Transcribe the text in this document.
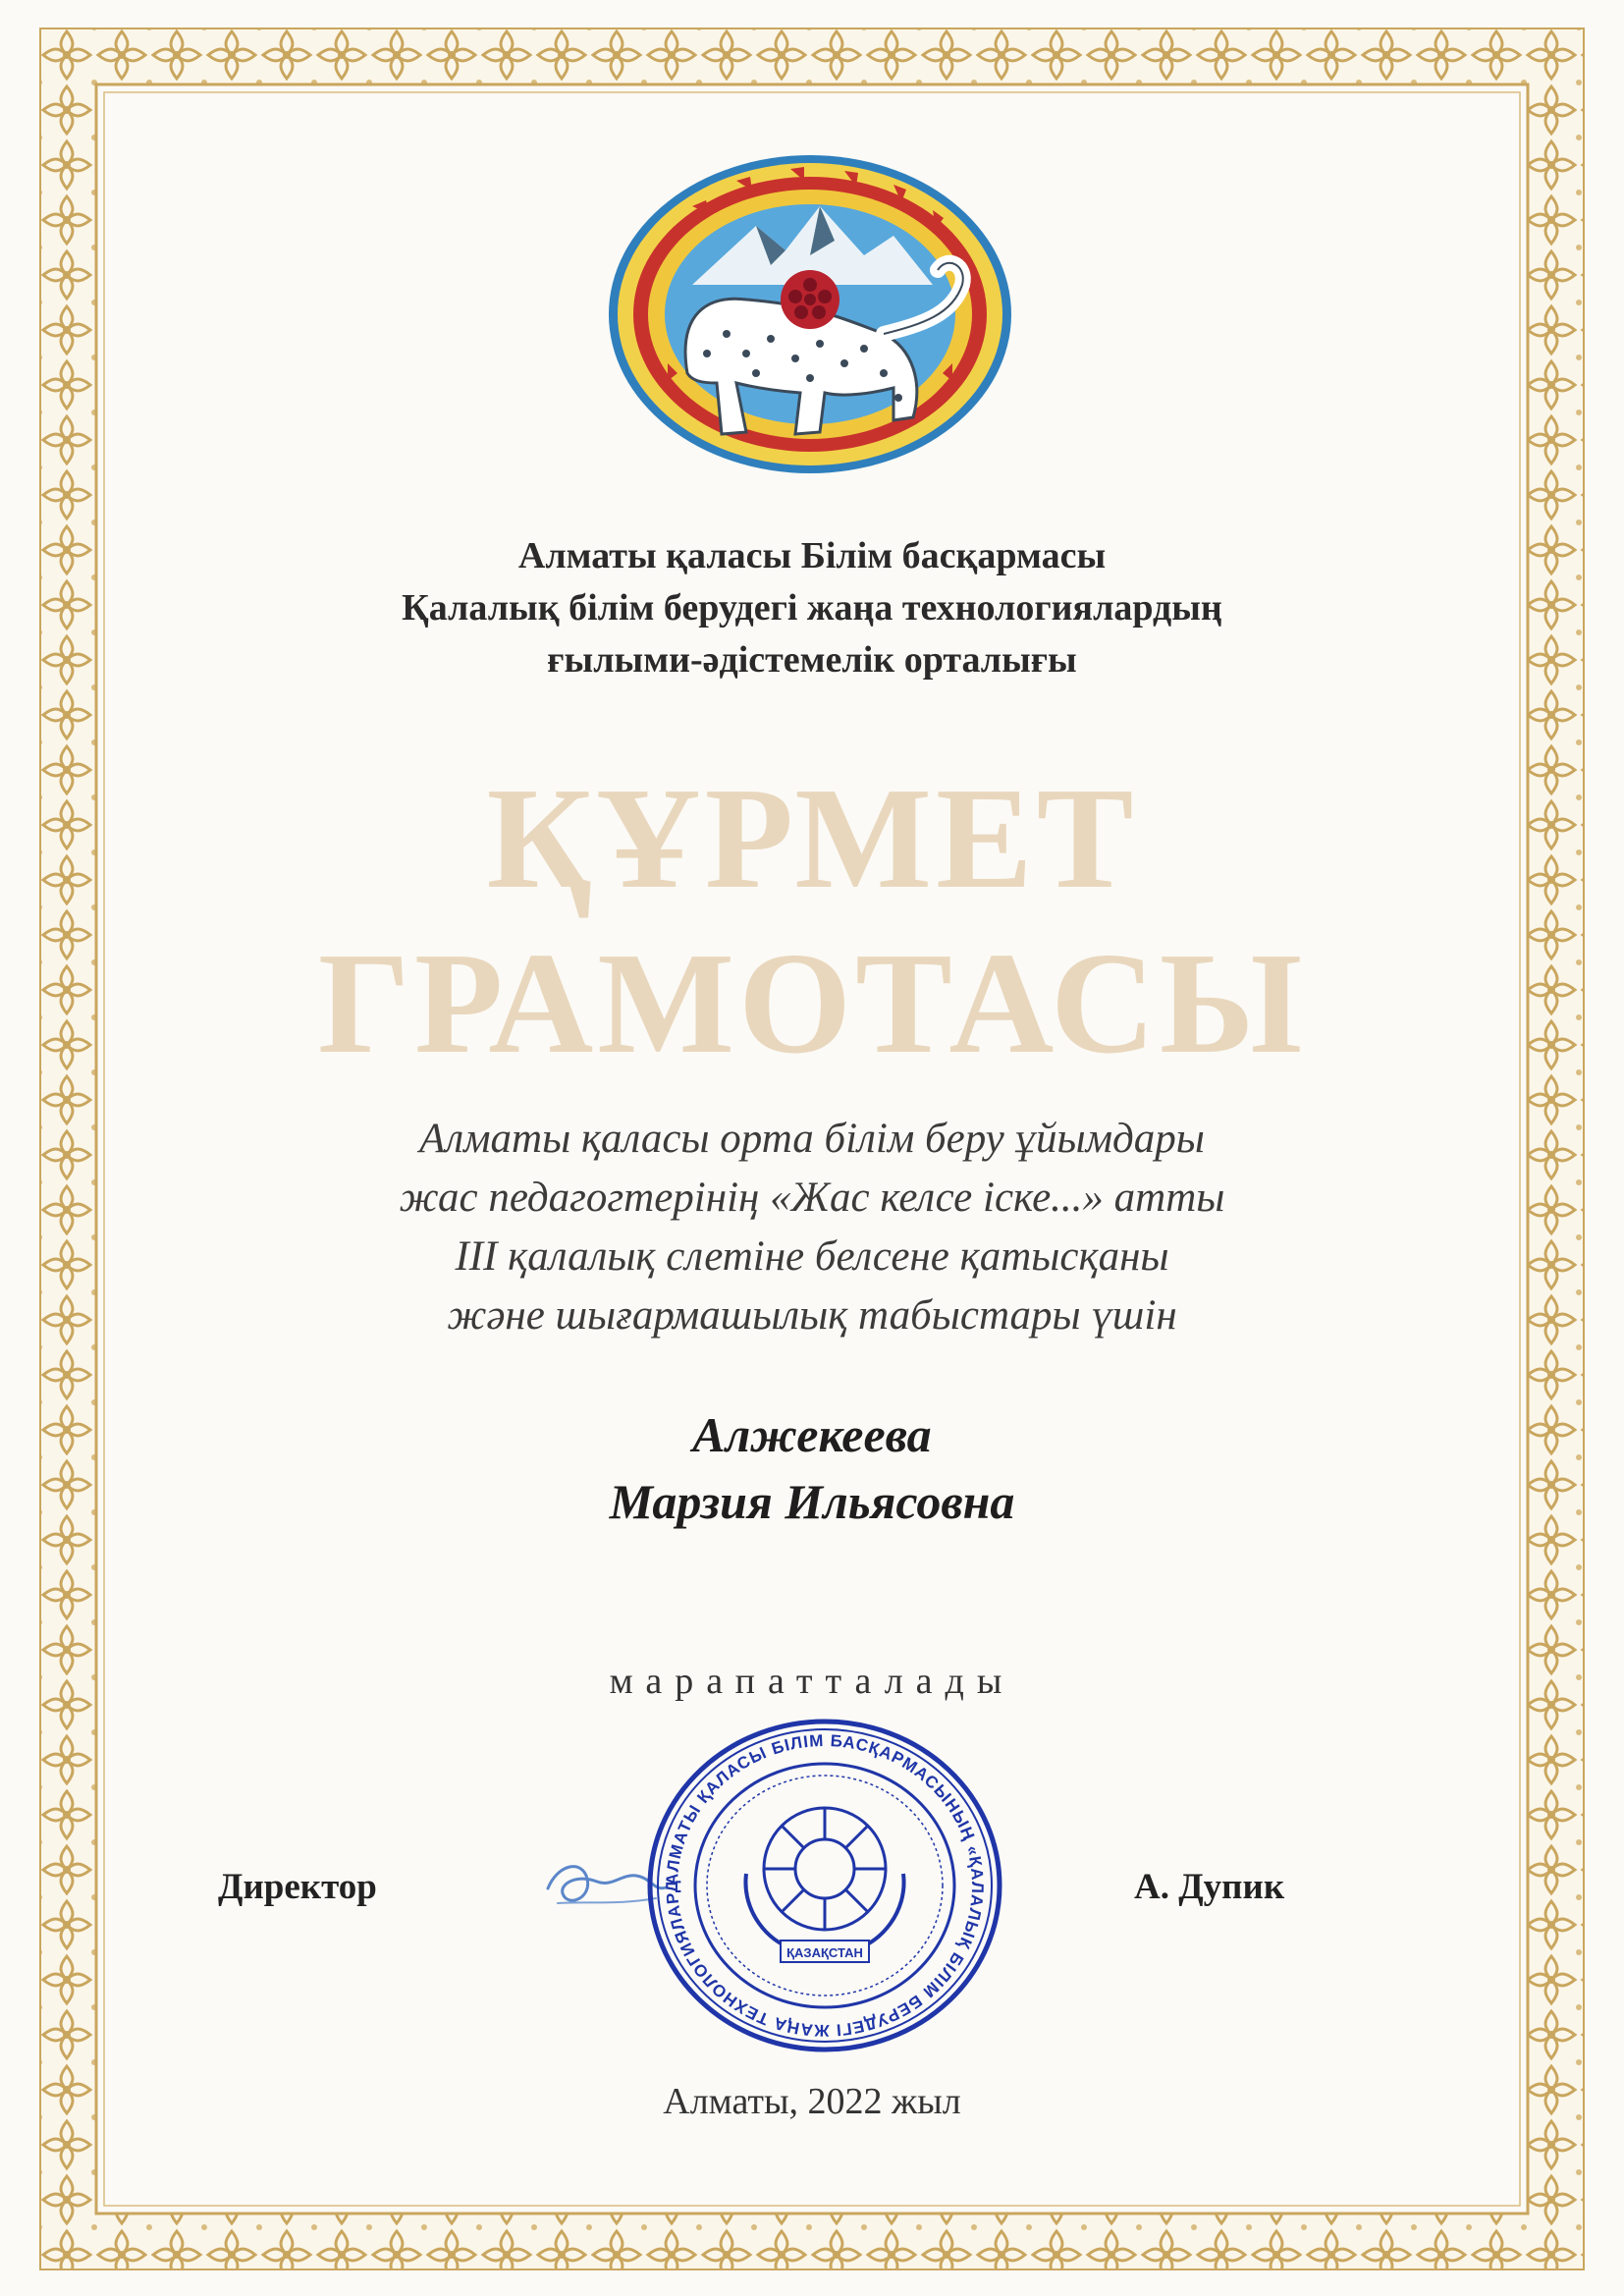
Алматы қаласы Білім басқармасы
Қалалық білім берудегі жаңа технологиялардың
ғылыми-әдістемелік орталығы
ҚҰРМЕТ
ГРАМОТАСЫ
Алматы қаласы орта білім беру ұйымдары
жас педагогтерінің «Жас келсе іске...» атты
ІІІ қалалық слетіне белсене қатысқаны
және шығармашылық табыстары үшін
Алжекеева
Марзия Ильясовна
марапатталады
Директор	А. Дупик
АЛМАТЫ ҚАЛАСЫ БІЛІМ БАСҚАРМАСЫНЫҢ «ҚАЛАЛЫҚ БІЛІМ БЕРУДЕГІ ЖАҢА ТЕХНОЛОГИЯЛАРД
ҚАЗАҚСТАН
Алматы, 2022 жыл
